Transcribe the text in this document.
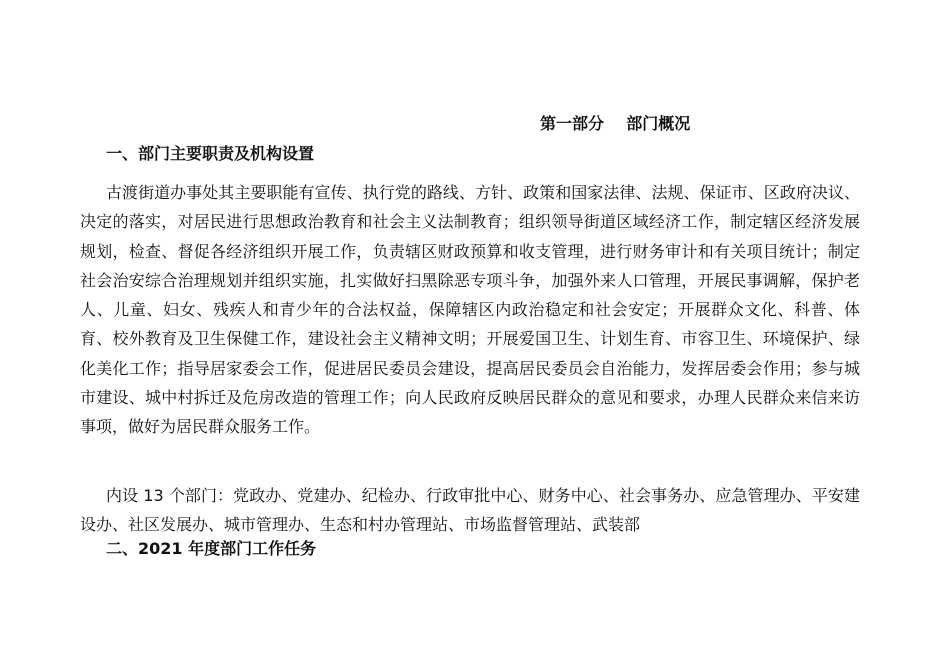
第一部分    部门概况
一、部门主要职责及机构设置
古渡街道办事处其主要职能有宣传、执行党的路线、方针、政策和国家法律、法规、保证市、区政府决议、决定的落实，对居民进行思想政治教育和社会主义法制教育；组织领导街道区域经济工作，制定辖区经济发展规划，检查、督促各经济组织开展工作，负责辖区财政预算和收支管理，进行财务审计和有关项目统计；制定社会治安综合治理规划并组织实施，扎实做好扫黑除恶专项斗争，加强外来人口管理，开展民事调解，保护老人、儿童、妇女、残疾人和青少年的合法权益，保障辖区内政治稳定和社会安定；开展群众文化、科普、体育、校外教育及卫生保健工作，建设社会主义精神文明；开展爱国卫生、计划生育、市容卫生、环境保护、绿化美化工作；指导居家委会工作，促进居民委员会建设，提高居民委员会自治能力，发挥居委会作用；参与城市建设、城中村拆迁及危房改造的管理工作；向人民政府反映居民群众的意见和要求，办理人民群众来信来访事项，做好为居民群众服务工作。
内设 13 个部门：党政办、党建办、纪检办、行政审批中心、财务中心、社会事务办、应急管理办、平安建设办、社区发展办、城市管理办、生态和村办管理站、市场监督管理站、武装部
二、2021 年度部门工作任务
